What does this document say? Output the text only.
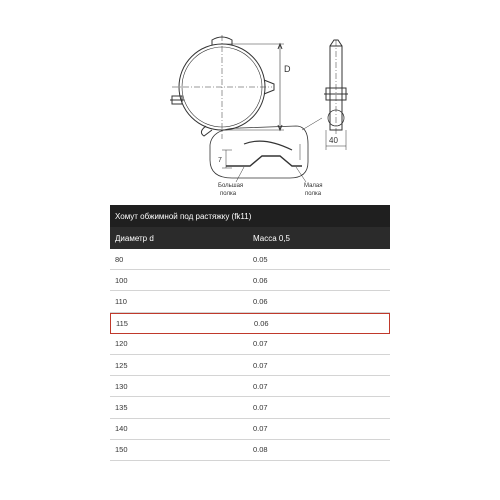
D
40
7
Большая
полка
Малая
полка
Хомут обжимной под растяжку (fk11)
Диаметр d	Масса 0,5
80	0.05
100	0.06
110	0.06
115	0.06
120	0.07
125	0.07
130	0.07
135	0.07
140	0.07
150	0.08
